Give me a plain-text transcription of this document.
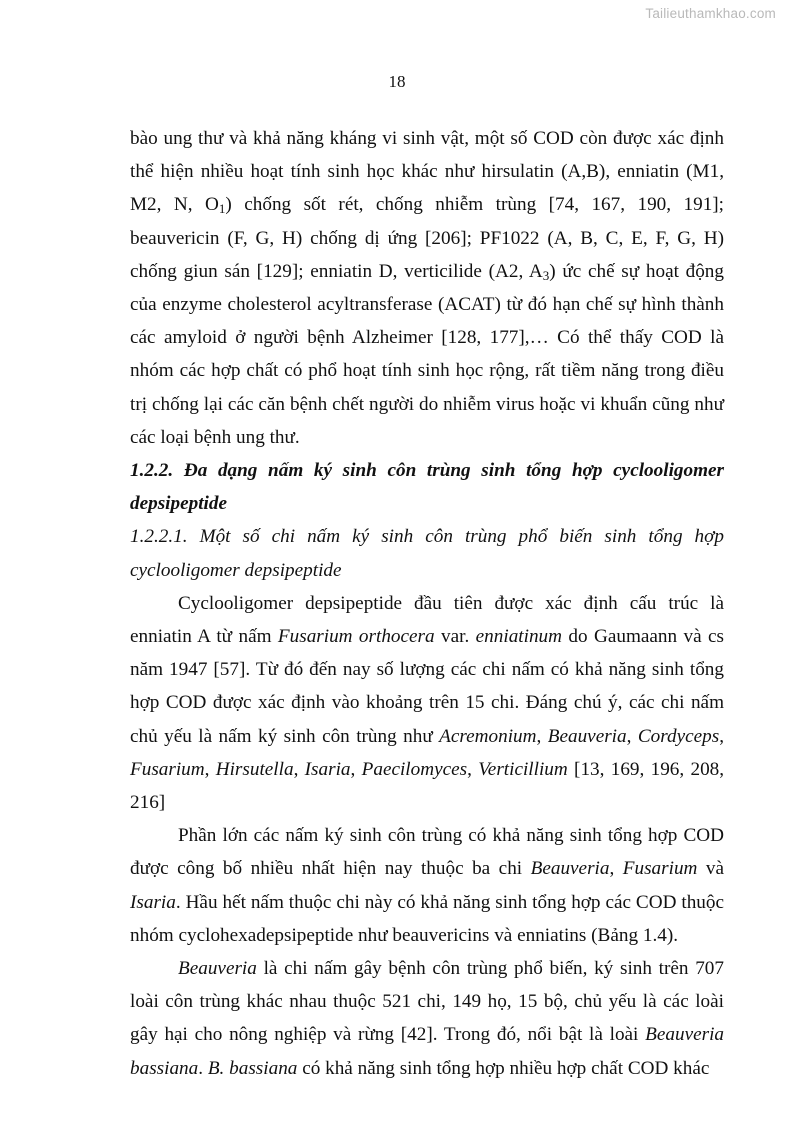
Tailieuthamkhao.com
18

bào ung thư và khả năng kháng vi sinh vật, một số COD còn được xác định thể hiện nhiều hoạt tính sinh học khác như hirsulatin (A,B), enniatin (M1, M2, N, $O_1$) chống sốt rét, chống nhiễm trùng [74, 167, 190, 191]; beauvericin (F, G, H) chống dị ứng [206]; PF1022 (A, B, C, E, F, G, H) chống giun sán [129]; enniatin D, verticilide (A2, $A_3$) ức chế sự hoạt động của enzyme cholesterol acyltransferase (ACAT) từ đó hạn chế sự hình thành các amyloid ở người bệnh Alzheimer [128, 177],… Có thể thấy COD là nhóm các hợp chất có phổ hoạt tính sinh học rộng, rất tiềm năng trong điều trị chống lại các căn bệnh chết người do nhiễm virus hoặc vi khuẩn cũng như các loại bệnh ung thư.

1.2.2. Đa dạng nấm ký sinh côn trùng sinh tổng hợp cyclooligomer depsipeptide

1.2.2.1. Một số chi nấm ký sinh côn trùng phổ biến sinh tổng hợp cyclooligomer depsipeptide

Cyclooligomer depsipeptide đầu tiên được xác định cấu trúc là enniatin A từ nấm Fusarium orthocera var. enniatinum do Gaumaann và cs năm 1947 [57]. Từ đó đến nay số lượng các chi nấm có khả năng sinh tổng hợp COD được xác định vào khoảng trên 15 chi. Đáng chú ý, các chi nấm chủ yếu là nấm ký sinh côn trùng như Acremonium, Beauveria, Cordyceps, Fusarium, Hirsutella, Isaria, Paecilomyces, Verticillium [13, 169, 196, 208, 216]

Phần lớn các nấm ký sinh côn trùng có khả năng sinh tổng hợp COD được công bố nhiều nhất hiện nay thuộc ba chi Beauveria, Fusarium và Isaria. Hầu hết nấm thuộc chi này có khả năng sinh tổng hợp các COD thuộc nhóm cyclohexadepsipeptide như beauvericins và enniatins (Bảng 1.4).

Beauveria là chi nấm gây bệnh côn trùng phổ biến, ký sinh trên 707 loài côn trùng khác nhau thuộc 521 chi, 149 họ, 15 bộ, chủ yếu là các loài gây hại cho nông nghiệp và rừng [42]. Trong đó, nổi bật là loài Beauveria bassiana. B. bassiana có khả năng sinh tổng hợp nhiều hợp chất COD khác
